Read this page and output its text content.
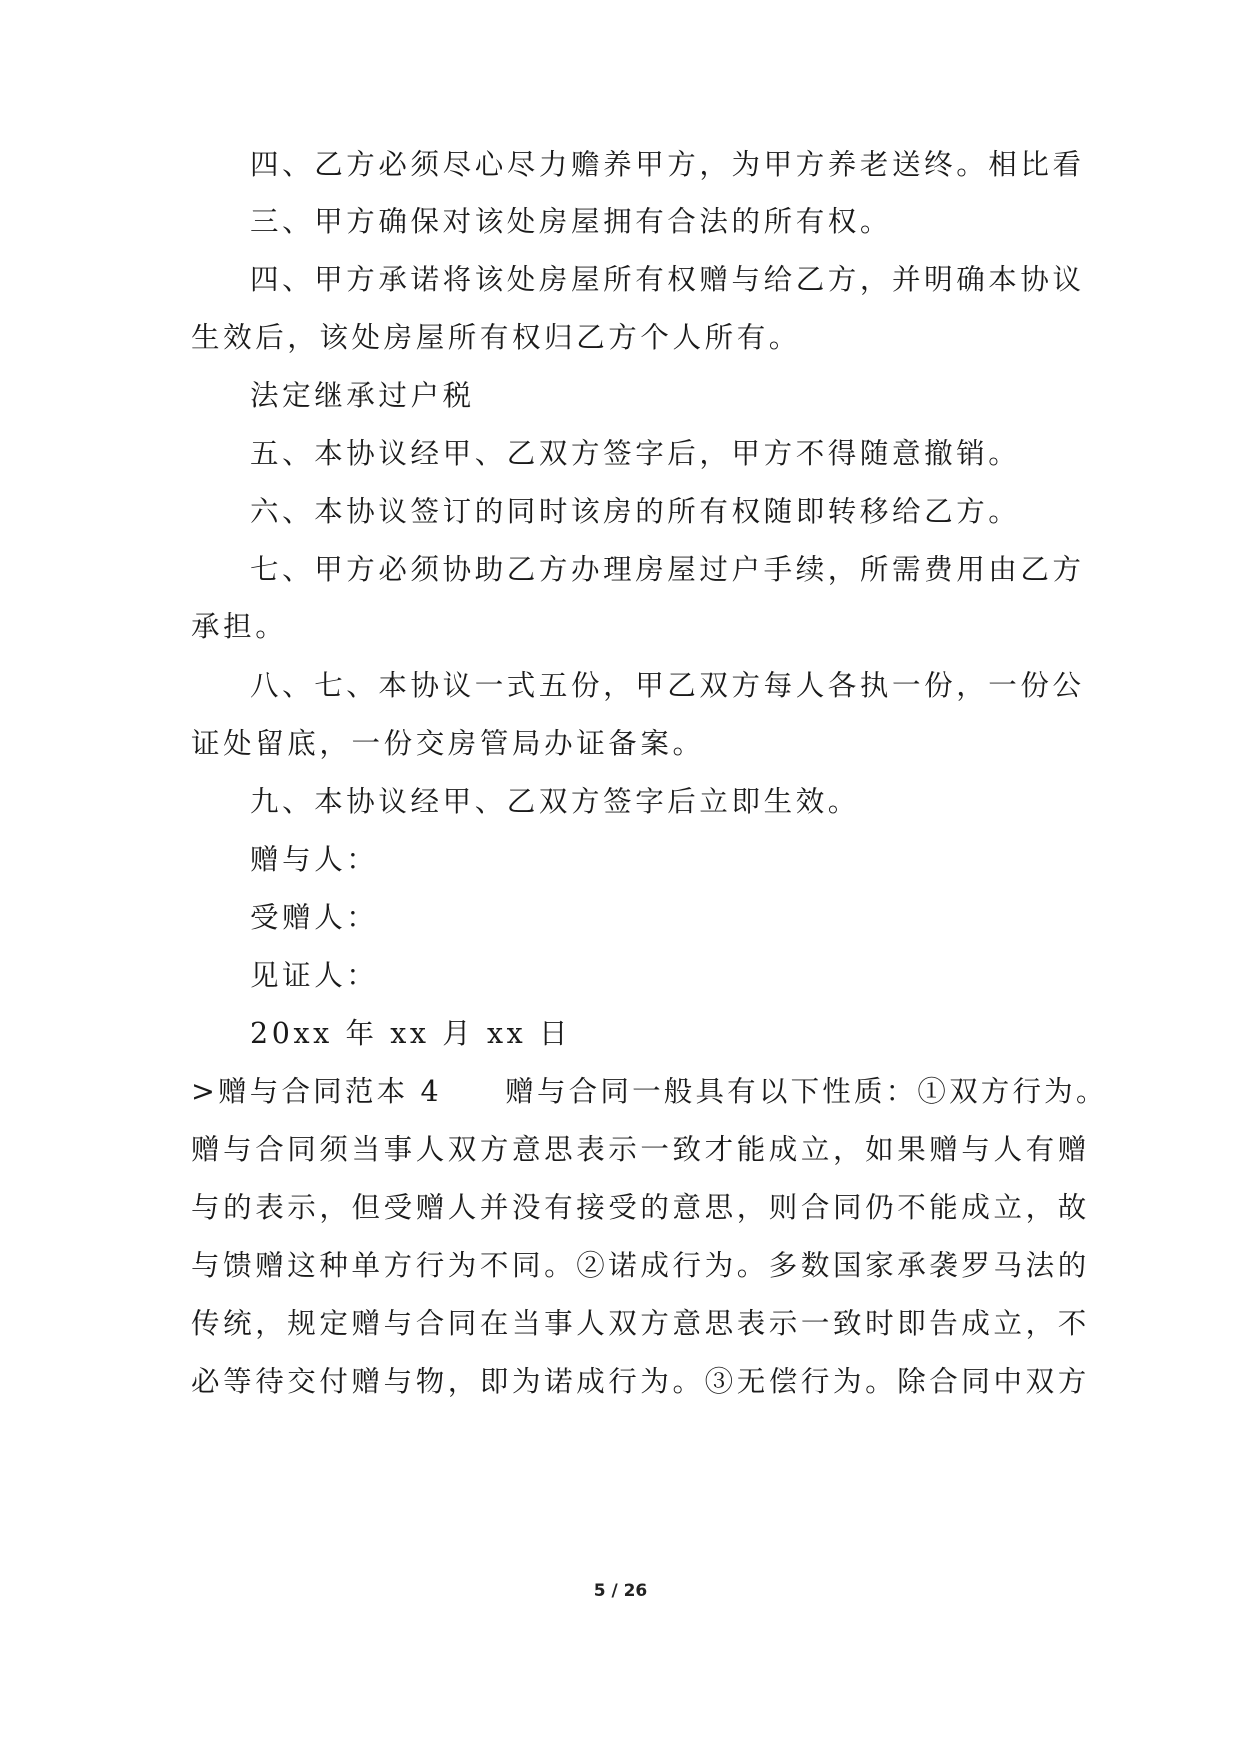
四、乙方必须尽心尽力赡养甲方，为甲方养老送终。相比看
三、甲方确保对该处房屋拥有合法的所有权。
四、甲方承诺将该处房屋所有权赠与给乙方，并明确本协议
生效后，该处房屋所有权归乙方个人所有。
法定继承过户税
五、本协议经甲、乙双方签字后，甲方不得随意撤销。
六、本协议签订的同时该房的所有权随即转移给乙方。
七、甲方必须协助乙方办理房屋过户手续，所需费用由乙方
承担。
八、七、本协议一式五份，甲乙双方每人各执一份，一份公
证处留底，一份交房管局办证备案。
九、本协议经甲、乙双方签字后立即生效。
赠与人：
受赠人：
见证人：
20xx 年 xx 月 xx 日
>赠与合同范本 4　　赠与合同一般具有以下性质：①双方行为。
赠与合同须当事人双方意思表示一致才能成立，如果赠与人有赠
与的表示，但受赠人并没有接受的意思，则合同仍不能成立，故
与馈赠这种单方行为不同。②诺成行为。多数国家承袭罗马法的
传统，规定赠与合同在当事人双方意思表示一致时即告成立，不
必等待交付赠与物，即为诺成行为。③无偿行为。除合同中双方
5 / 26
